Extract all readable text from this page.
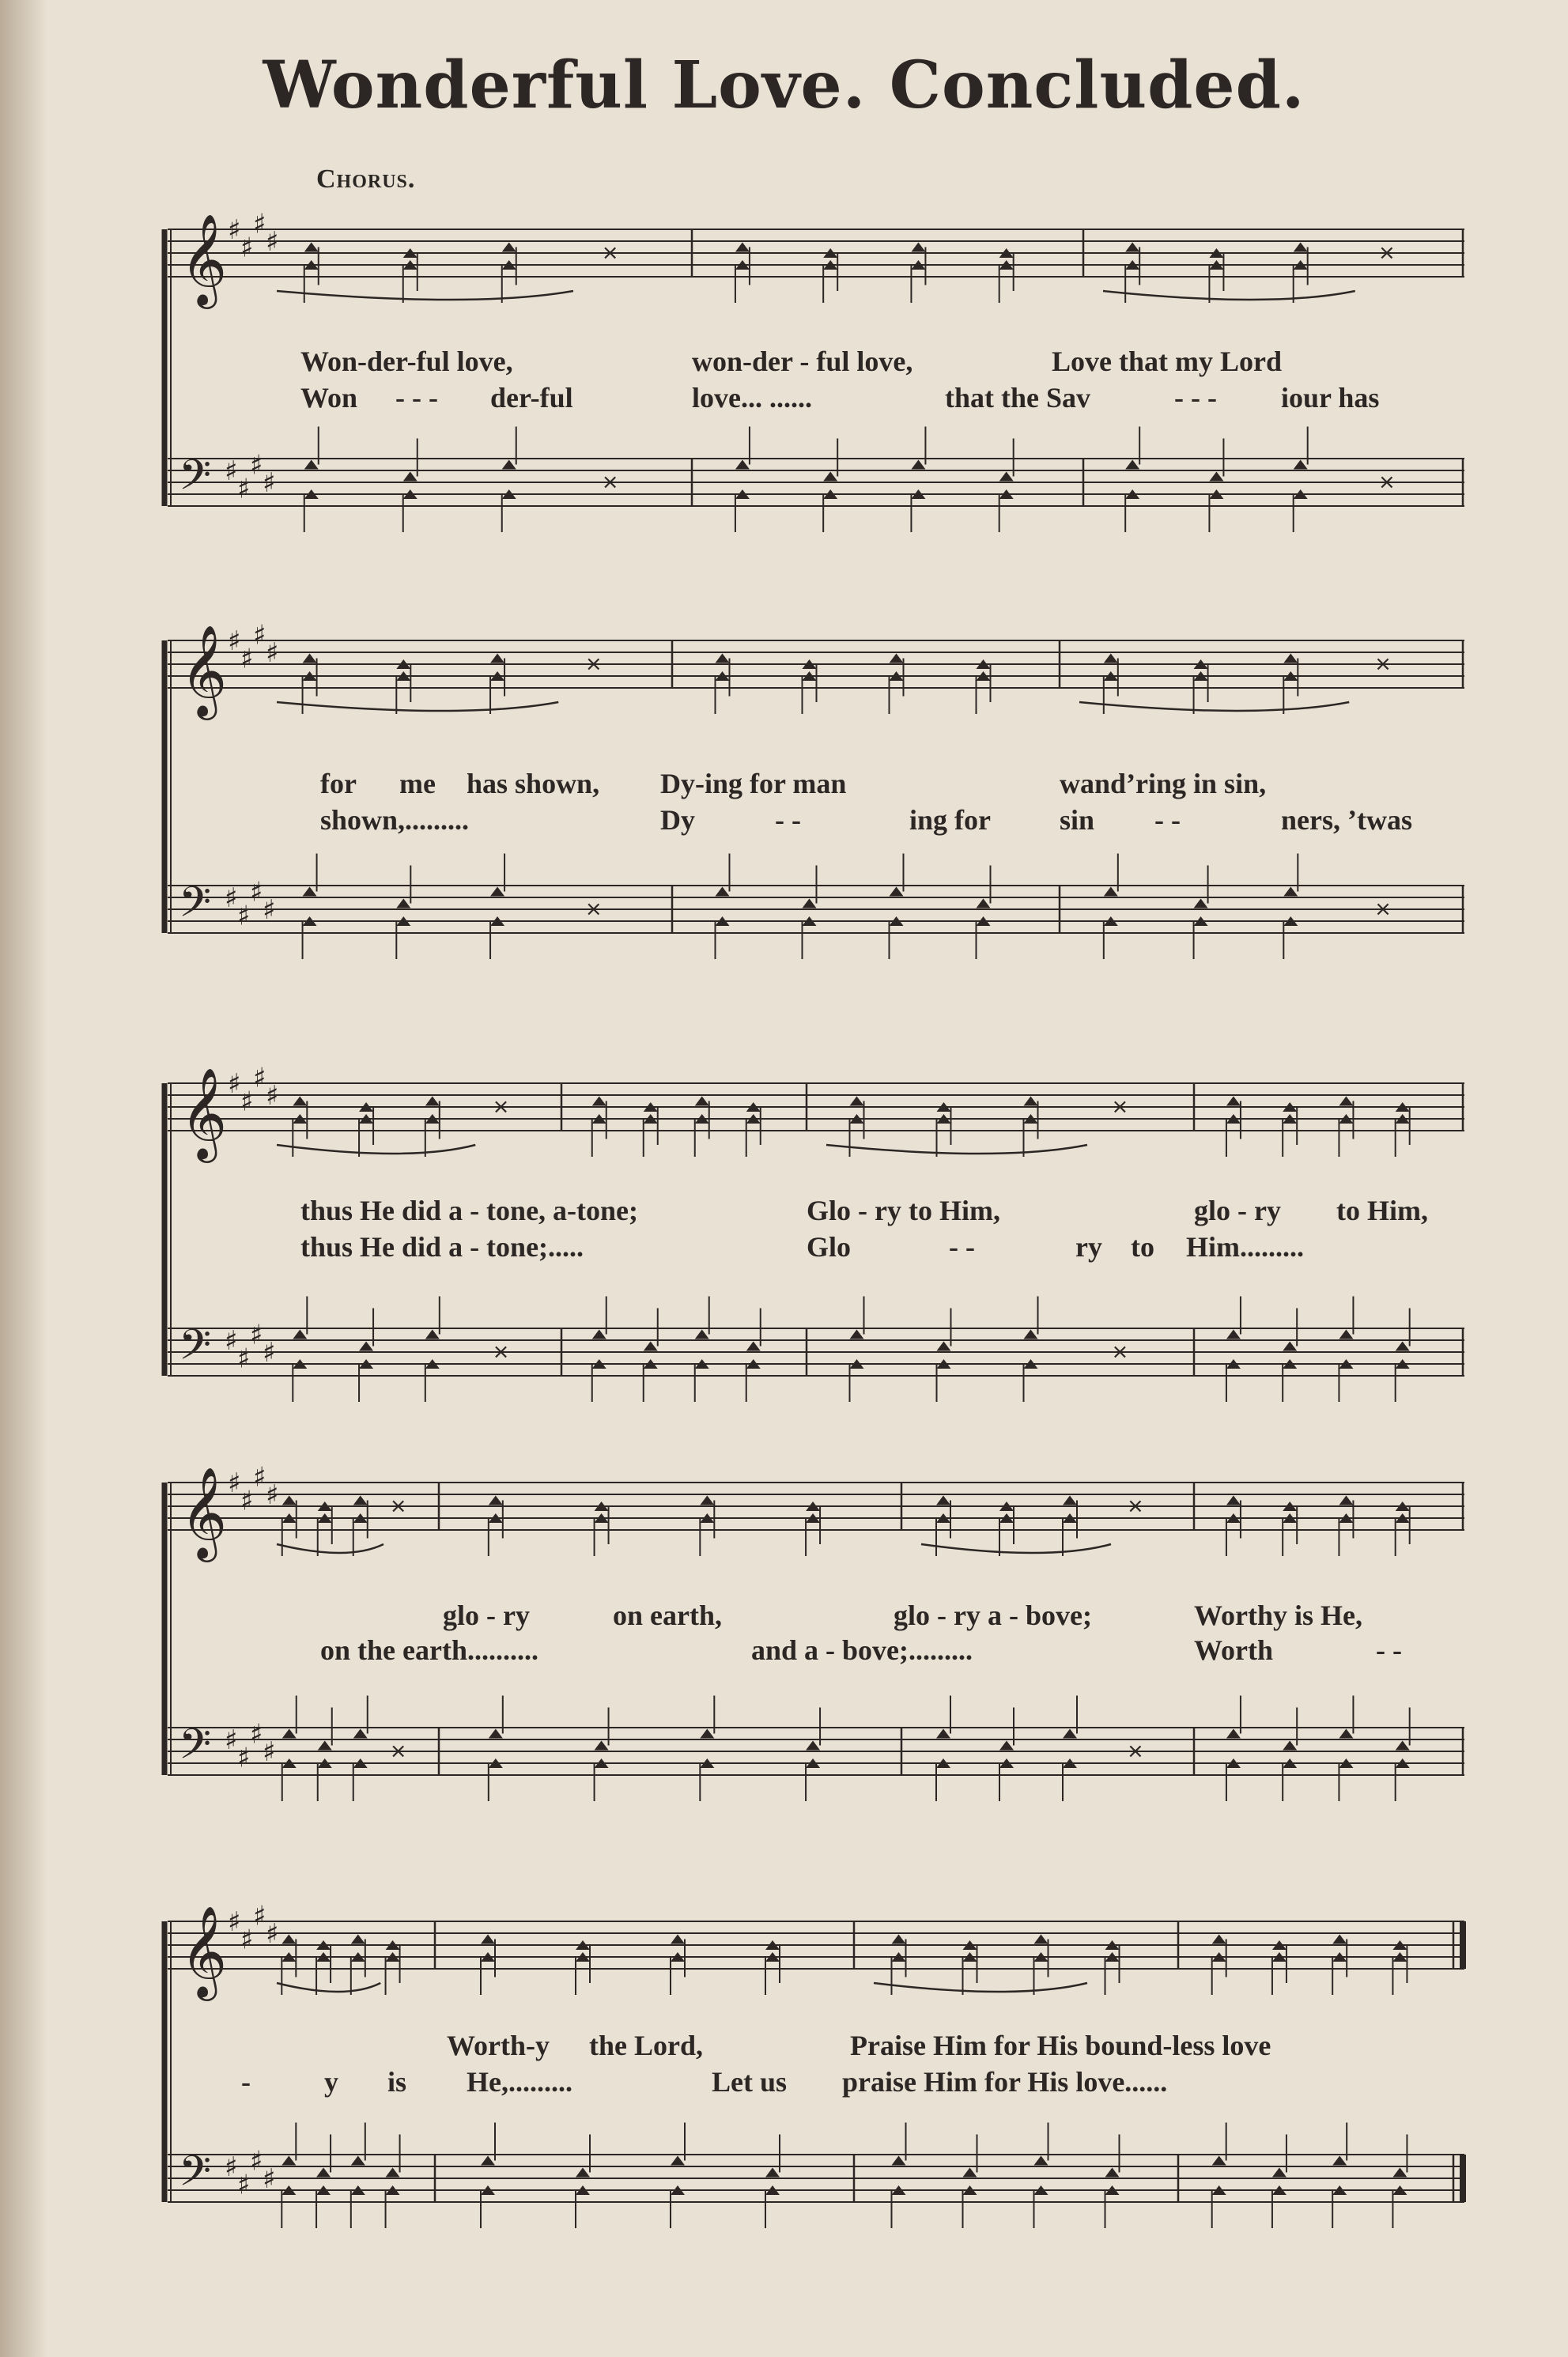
Wonderful Love. Concluded.
Chorus.
𝄞
𝄢
♯
♯
♯
♯
♯
♯
♯
♯
×
×
×
×
Won-der-ful love,	won-der - ful love,	Love that my Lord
Won - - - der-ful	love... ......	that the Sav	- - - iour has
𝄞
𝄢
♯
♯
♯
♯
♯
♯
♯
♯
×
×
×
×
for me has shown, Dy-ing for man	wand’ring in sin,
shown,.........	Dy	- -	ing for sin - -	ners, ’twas
𝄞
𝄢
♯
♯
♯
♯
♯
♯
♯
♯
×
×
×
×
thus He did a - tone, a-tone;	Glo - ry to Him,	glo - ry to Him,
thus He did a - tone;.....	Glo	- -	ry to Him.........
𝄞
𝄢
♯
♯
♯
♯
♯
♯
♯
♯
×
×
×
×
glo - ry	on earth,	glo - ry a - bove;	Worthy is He,
on the earth..........	and a - bove;.........	Worth	- -
𝄞
𝄢
♯
♯
♯
♯
♯
♯
♯
♯
Worth-y the Lord,	Praise Him for His bound-less love
-	y is He,.........	Let us praise Him for His love......
